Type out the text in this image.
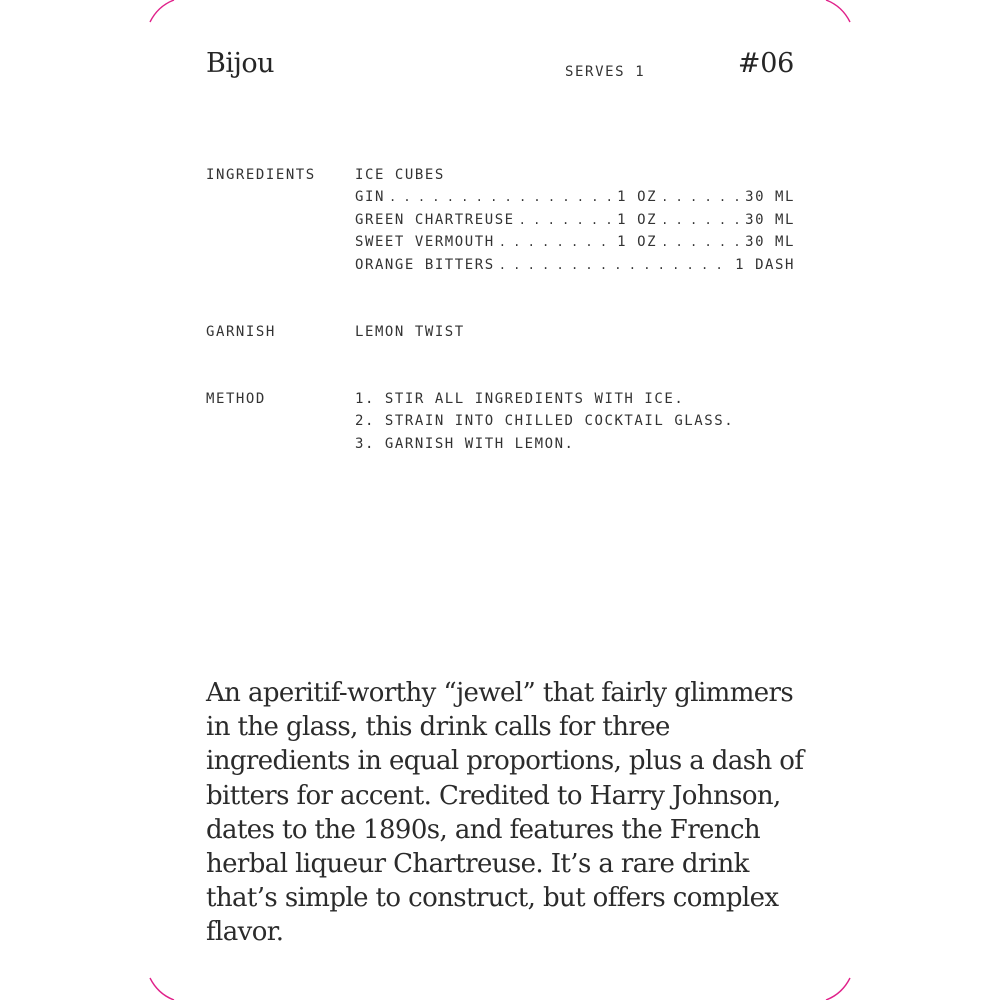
Bijou	SERVES 1	#06
INGREDIENTS	ICE CUBES
GIN . . .	1 OZ . . .	30 ML
GREEN CHARTREUSE . . .	1 OZ . . .	30 ML
SWEET VERMOUTH . . .	1 OZ . . .	30 ML
ORANGE BITTERS . . .	1 DASH
GARNISH	LEMON TWIST
METHOD	1. STIR ALL INGREDIENTS WITH ICE.
2. STRAIN INTO CHILLED COCKTAIL GLASS.
3. GARNISH WITH LEMON.
An aperitif-worthy “jewel” that fairly glimmers in the glass, this drink calls for three ingredients in equal proportions, plus a dash of bitters for accent. Credited to Harry Johnson, dates to the 1890s, and features the French herbal liqueur Chartreuse. It’s a rare drink that’s simple to construct, but offers complex flavor.
